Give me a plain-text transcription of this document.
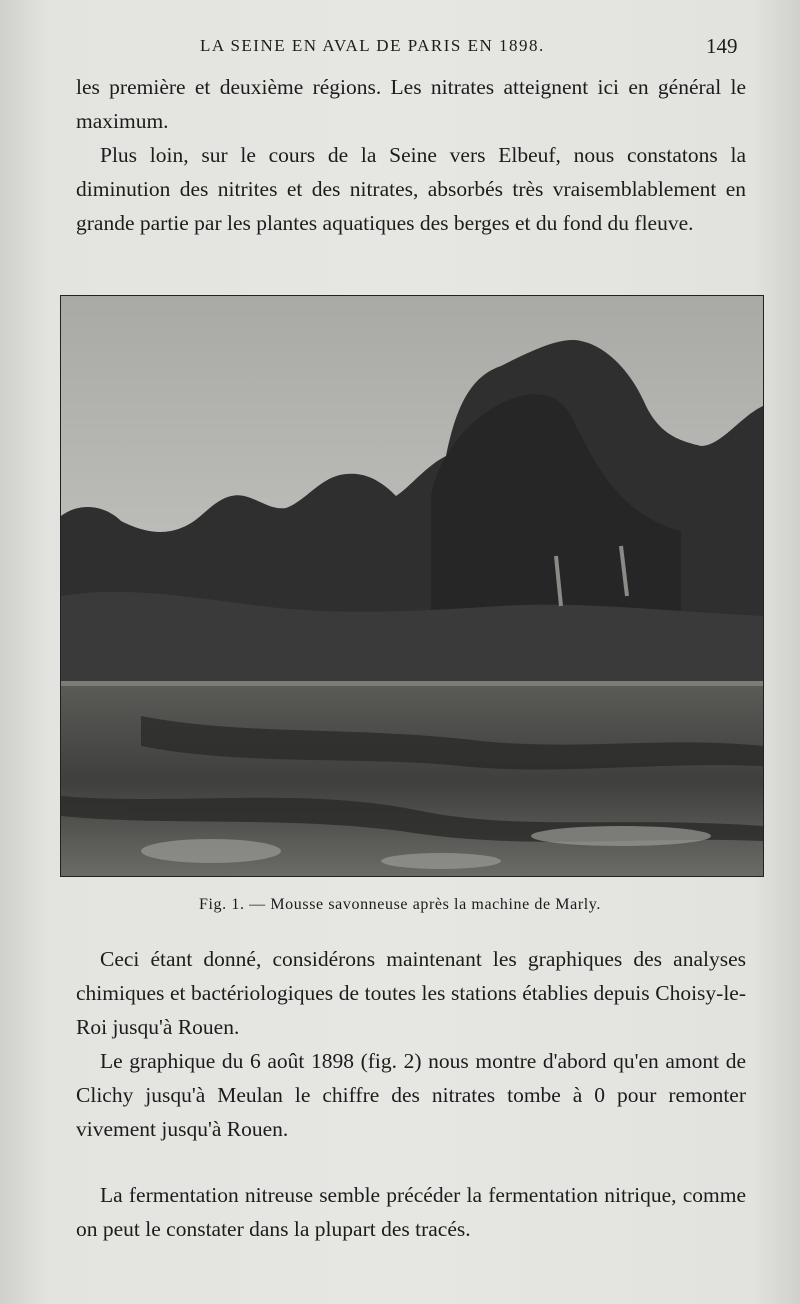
LA SEINE EN AVAL DE PARIS EN 1898.	149

les première et deuxième régions. Les nitrates atteignent ici en général le maximum.

Plus loin, sur le cours de la Seine vers Elbeuf, nous constatons la diminution des nitrites et des nitrates, absorbés très vraisemblablement en grande partie par les plantes aquatiques des berges et du fond du fleuve.

Fig. 1. — Mousse savonneuse après la machine de Marly.

Ceci étant donné, considérons maintenant les graphiques des analyses chimiques et bactériologiques de toutes les stations établies depuis Choisy-le-Roi jusqu'à Rouen.

Le graphique du 6 août 1898 (fig. 2) nous montre d'abord qu'en amont de Clichy jusqu'à Meulan le chiffre des nitrates tombe à 0 pour remonter vivement jusqu'à Rouen.

La fermentation nitreuse semble précéder la fermentation nitrique, comme on peut le constater dans la plupart des tracés.
